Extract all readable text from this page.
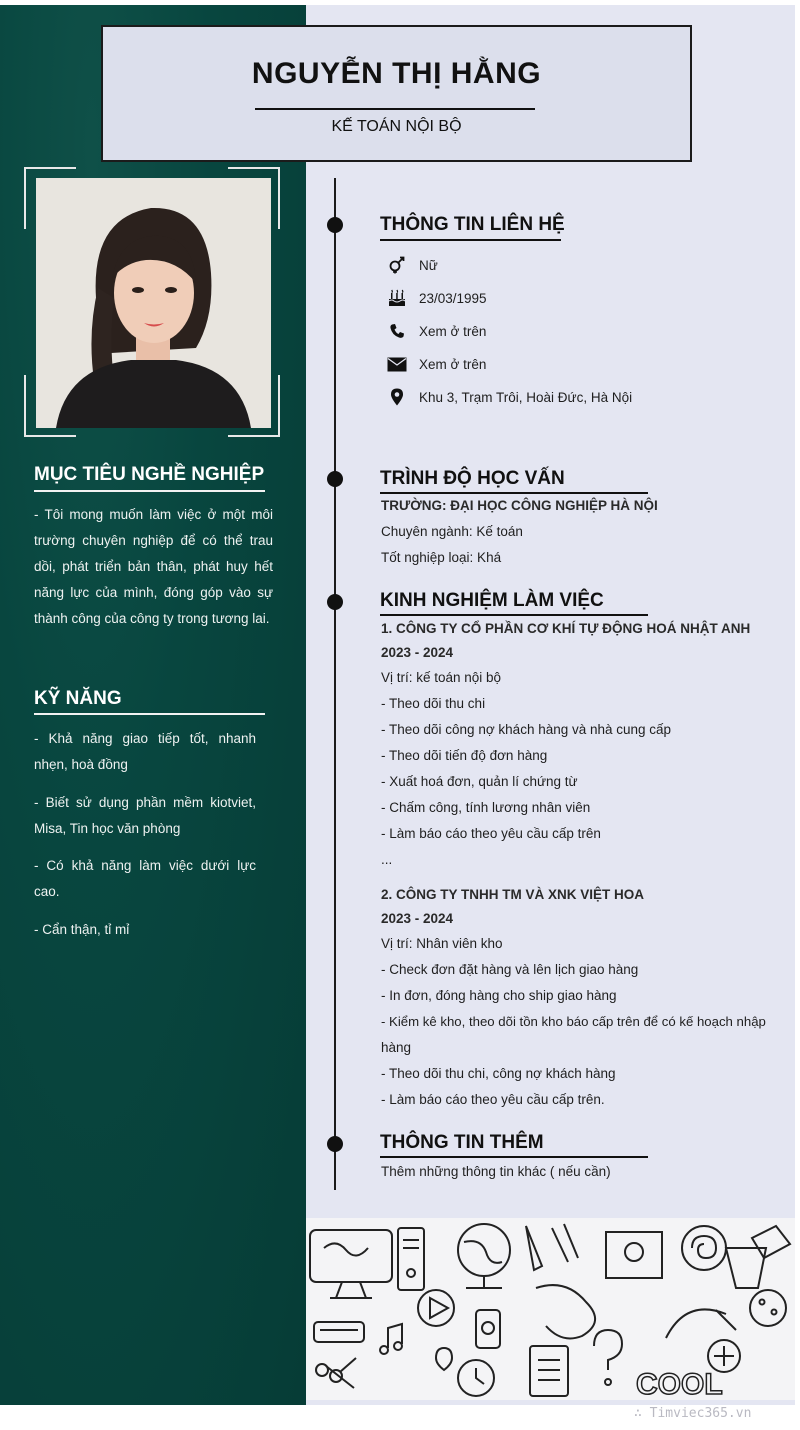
NGUYỄN THỊ HẰNG
KẾ TOÁN NỘI BỘ
MỤC TIÊU NGHỀ NGHIỆP
- Tôi mong muốn làm việc ở một môi trường chuyên nghiệp để có thể trau dồi, phát triển bản thân, phát huy hết năng lực của mình, đóng góp vào sự thành công của công ty trong tương lai.
KỸ NĂNG
- Khả năng giao tiếp tốt, nhanh nhẹn, hoà đồng
- Biết sử dụng phần mềm kiotviet, Misa, Tin học văn phòng
- Có khả năng làm việc dưới lực cao.
- Cẩn thận, tỉ mỉ
THÔNG TIN LIÊN HỆ
Nữ
23/03/1995
Xem ở trên
Xem ở trên
Khu 3, Trạm Trôi, Hoài Đức, Hà Nội
TRÌNH ĐỘ HỌC VẤN
TRƯỜNG: ĐẠI HỌC CÔNG NGHIỆP HÀ NỘI
Chuyên ngành: Kế toán
Tốt nghiệp loại: Khá
KINH NGHIỆM LÀM VIỆC
1. CÔNG TY CỔ PHẦN CƠ KHÍ TỰ ĐỘNG HOÁ NHẬT ANH
2023 - 2024
Vị trí: kế toán nội bộ
- Theo dõi thu chi
- Theo dõi công nợ khách hàng và nhà cung cấp
- Theo dõi tiến độ đơn hàng
- Xuất hoá đơn, quản lí chứng từ
- Chấm công, tính lương nhân viên
- Làm báo cáo theo yêu cầu cấp trên
...
2. CÔNG TY TNHH TM VÀ XNK VIỆT HOA
2023 - 2024
Vị trí: Nhân viên kho
- Check đơn đặt hàng và lên lịch giao hàng
- In đơn, đóng hàng cho ship giao hàng
- Kiểm kê kho, theo dõi tồn kho báo cấp trên để có kế hoạch nhập
hàng
- Theo dõi thu chi, công nợ khách hàng
- Làm báo cáo theo yêu cầu cấp trên.
THÔNG TIN THÊM
Thêm những thông tin khác ( nếu cần)
COOL
∴ Timviec365.vn
